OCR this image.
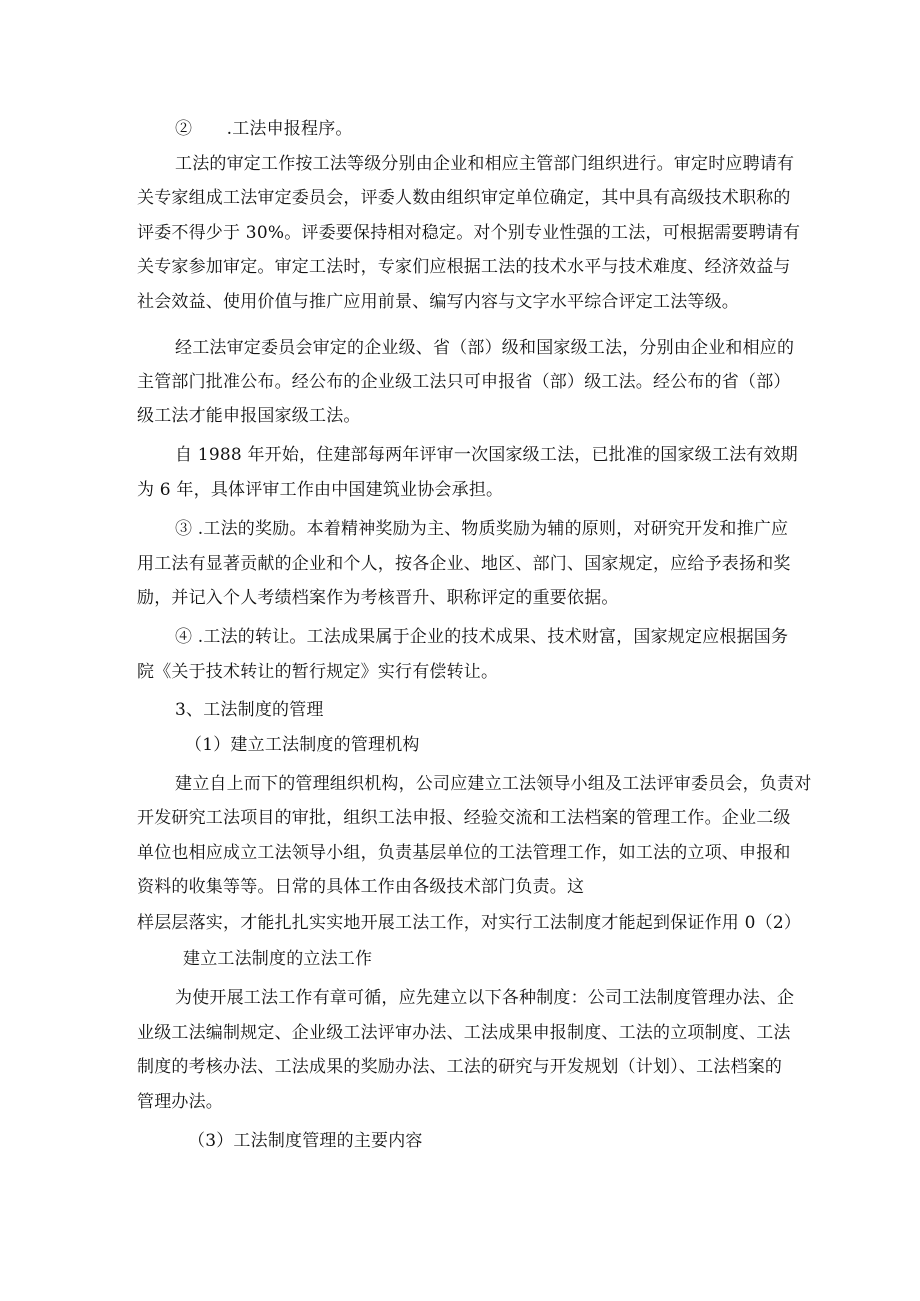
②　　.工法申报程序。
工法的审定工作按工法等级分别由企业和相应主管部门组织进行。审定时应聘请有
关专家组成工法审定委员会，评委人数由组织审定单位确定，其中具有高级技术职称的
评委不得少于 30%。评委要保持相对稳定。对个别专业性强的工法，可根据需要聘请有
关专家参加审定。审定工法时，专家们应根据工法的技术水平与技术难度、经济效益与
社会效益、使用价值与推广应用前景、编写内容与文字水平综合评定工法等级。
经工法审定委员会审定的企业级、省（部）级和国家级工法，分别由企业和相应的
主管部门批准公布。经公布的企业级工法只可申报省（部）级工法。经公布的省（部）
级工法才能申报国家级工法。
自 1988 年开始，住建部每两年评审一次国家级工法，已批准的国家级工法有效期
为 6 年，具体评审工作由中国建筑业协会承担。
③ .工法的奖励。本着精神奖励为主、物质奖励为辅的原则，对研究开发和推广应
用工法有显著贡献的企业和个人，按各企业、地区、部门、国家规定，应给予表扬和奖
励，并记入个人考绩档案作为考核晋升、职称评定的重要依据。
④ .工法的转让。工法成果属于企业的技术成果、技术财富，国家规定应根据国务
院《关于技术转让的暂行规定》实行有偿转让。
3、工法制度的管理
（1）建立工法制度的管理机构
建立自上而下的管理组织机构，公司应建立工法领导小组及工法评审委员会，负责对
开发研究工法项目的审批，组织工法申报、经验交流和工法档案的管理工作。企业二级
单位也相应成立工法领导小组，负责基层单位的工法管理工作，如工法的立项、申报和
资料的收集等等。日常的具体工作由各级技术部门负责。这
样层层落实，才能扎扎实实地开展工法工作，对实行工法制度才能起到保证作用 0（2）
建立工法制度的立法工作
为使开展工法工作有章可循，应先建立以下各种制度：公司工法制度管理办法、企
业级工法编制规定、企业级工法评审办法、工法成果申报制度、工法的立项制度、工法
制度的考核办法、工法成果的奖励办法、工法的研究与开发规划（计划）、工法档案的
管理办法。
（3）工法制度管理的主要内容
